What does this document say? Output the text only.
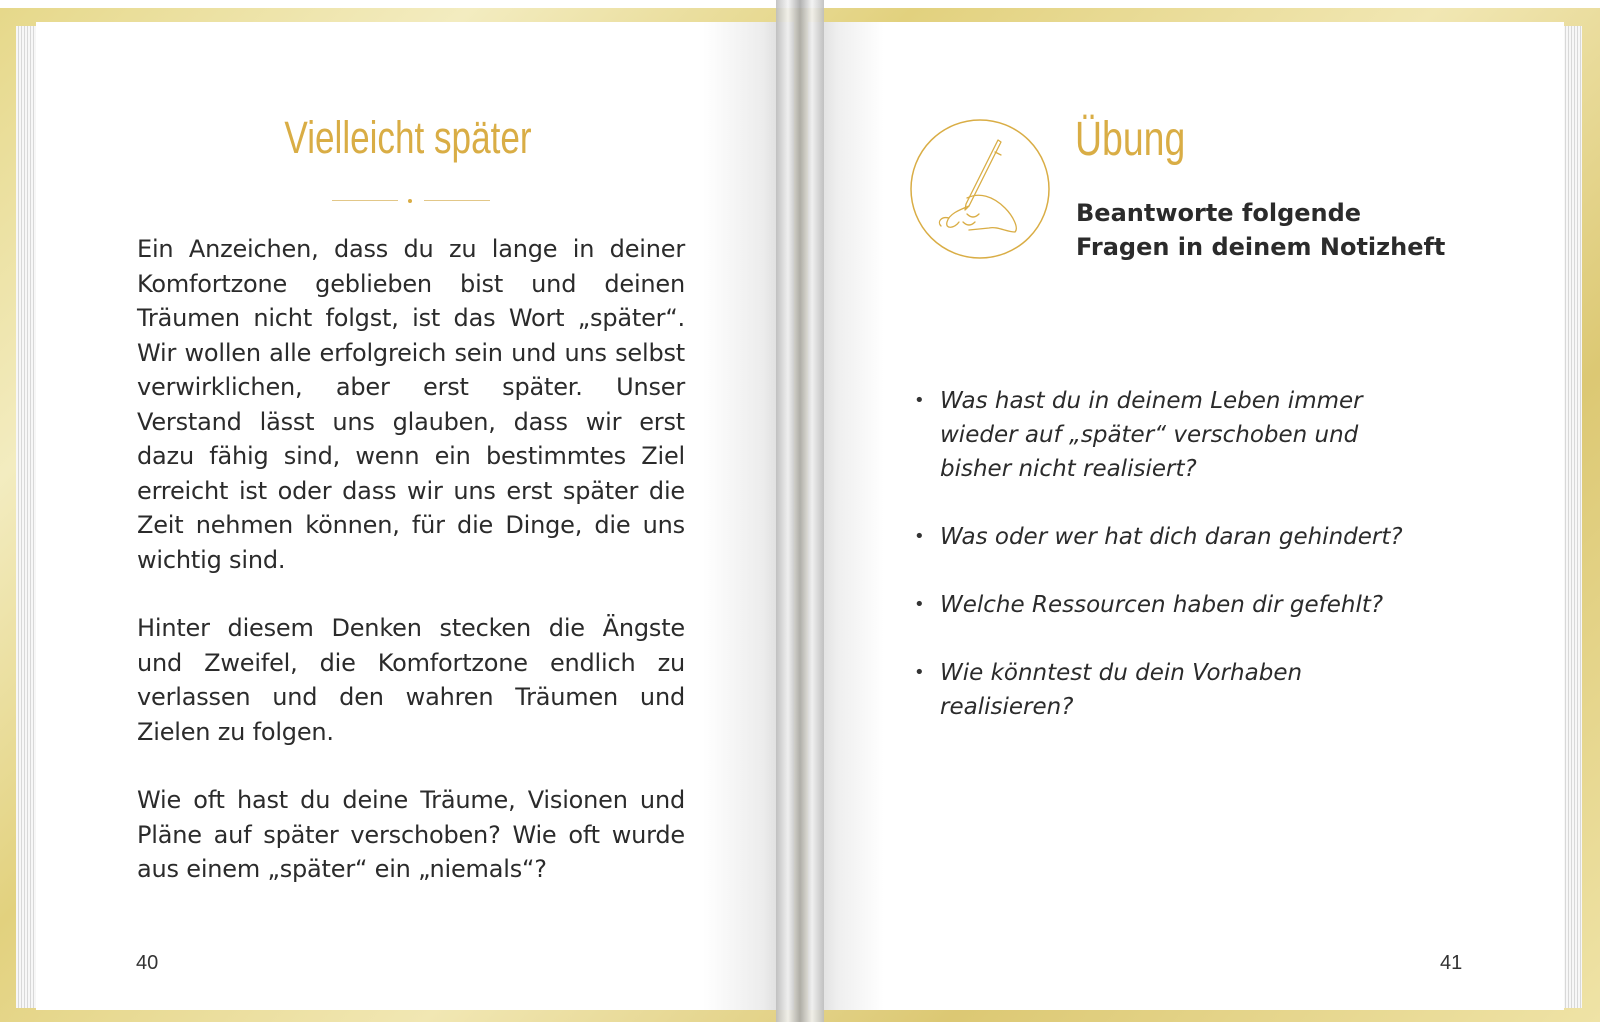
Vielleicht später

Ein Anzeichen, dass du zu lange in deiner Komfortzone geblieben bist und deinen Träumen nicht folgst, ist das Wort „später“. Wir wollen alle erfolgreich sein und uns selbst verwirklichen, aber erst später. Unser Verstand lässt uns glauben, dass wir erst dazu fähig sind, wenn ein bestimmtes Ziel erreicht ist oder dass wir uns erst später die Zeit nehmen können, für die Dinge, die uns wichtig sind.

Hinter diesem Denken stecken die Ängste und Zweifel, die Komfortzone endlich zu verlassen und den wahren Träumen und Zielen zu folgen.

Wie oft hast du deine Träume, Visionen und Pläne auf später verschoben? Wie oft wurde aus einem „später“ ein „niemals“?

40
Übung
Beantworte folgende Fragen in deinem Notizheft
• Was hast du in deinem Leben immer wieder auf „später“ verschoben und bisher nicht realisiert?
• Was oder wer hat dich daran gehindert?
• Welche Ressourcen haben dir gefehlt?
• Wie könntest du dein Vorhaben realisieren?
41
